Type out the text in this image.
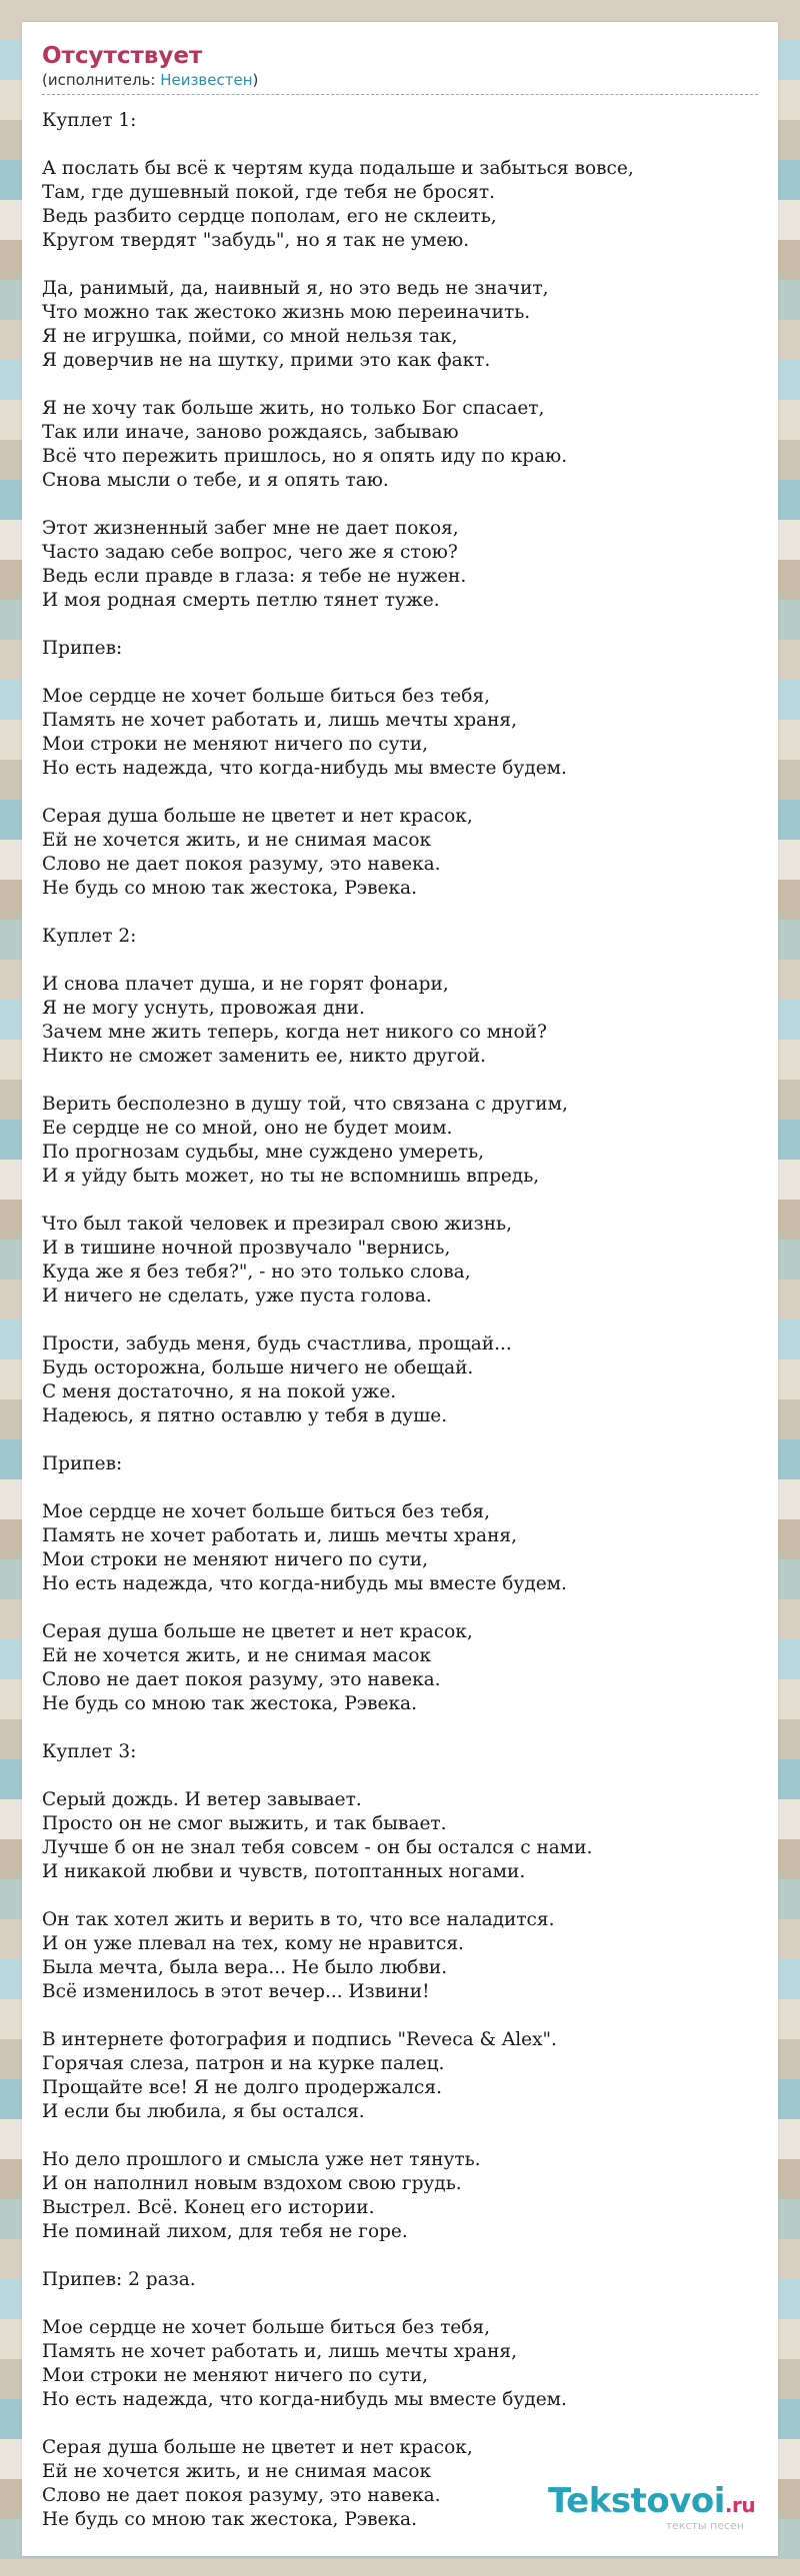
Отсутствует
(исполнитель: Неизвестен)
Куплет 1:
А послать бы всё к чертям куда подальше и забыться вовсе,
Там, где душевный покой, где тебя не бросят.
Ведь разбито сердце пополам, его не склеить,
Кругом твердят "забудь", но я так не умею.
Да, ранимый, да, наивный я, но это ведь не значит,
Что можно так жестоко жизнь мою переиначить.
Я не игрушка, пойми, со мной нельзя так,
Я доверчив не на шутку, прими это как факт.
Я не хочу так больше жить, но только Бог спасает,
Так или иначе, заново рождаясь, забываю
Всё что пережить пришлось, но я опять иду по краю.
Снова мысли о тебе, и я опять таю.
Этот жизненный забег мне не дает покоя,
Часто задаю себе вопрос, чего же я стою?
Ведь если правде в глаза: я тебе не нужен.
И моя родная смерть петлю тянет туже.
Припев:
Мое сердце не хочет больше биться без тебя,
Память не хочет работать и, лишь мечты храня,
Мои строки не меняют ничего по сути,
Но есть надежда, что когда-нибудь мы вместе будем.
Серая душа больше не цветет и нет красок,
Ей не хочется жить, и не снимая масок
Слово не дает покоя разуму, это навека.
Не будь со мною так жестока, Рэвека.
Куплет 2:
И снова плачет душа, и не горят фонари,
Я не могу уснуть, провожая дни.
Зачем мне жить теперь, когда нет никого со мной?
Никто не сможет заменить ее, никто другой.
Верить бесполезно в душу той, что связана с другим,
Ее сердце не со мной, оно не будет моим.
По прогнозам судьбы, мне суждено умереть,
И я уйду быть может, но ты не вспомнишь впредь,
Что был такой человек и презирал свою жизнь,
И в тишине ночной прозвучало "вернись,
Куда же я без тебя?", - но это только слова,
И ничего не сделать, уже пуста голова.
Прости, забудь меня, будь счастлива, прощай...
Будь осторожна, больше ничего не обещай.
С меня достаточно, я на покой уже.
Надеюсь, я пятно оставлю у тебя в душе.
Припев:
Мое сердце не хочет больше биться без тебя,
Память не хочет работать и, лишь мечты храня,
Мои строки не меняют ничего по сути,
Но есть надежда, что когда-нибудь мы вместе будем.
Серая душа больше не цветет и нет красок,
Ей не хочется жить, и не снимая масок
Слово не дает покоя разуму, это навека.
Не будь со мною так жестока, Рэвека.
Куплет 3:
Серый дождь. И ветер завывает.
Просто он не смог выжить, и так бывает.
Лучше б он не знал тебя совсем - он бы остался с нами.
И никакой любви и чувств, потоптанных ногами.
Он так хотел жить и верить в то, что все наладится.
И он уже плевал на тех, кому не нравится.
Была мечта, была вера... Не было любви.
Всё изменилось в этот вечер... Извини!
В интернете фотография и подпись "Reveca & Alex".
Горячая слеза, патрон и на курке палец.
Прощайте все! Я не долго продержался.
И если бы любила, я бы остался.
Но дело прошлого и смысла уже нет тянуть.
И он наполнил новым вздохом свою грудь.
Выстрел. Всё. Конец его истории.
Не поминай лихом, для тебя не горе.
Припев: 2 раза.
Мое сердце не хочет больше биться без тебя,
Память не хочет работать и, лишь мечты храня,
Мои строки не меняют ничего по сути,
Но есть надежда, что когда-нибудь мы вместе будем.
Серая душа больше не цветет и нет красок,
Ей не хочется жить, и не снимая масок
Слово не дает покоя разуму, это навека.
Не будь со мною так жестока, Рэвека.	Tekstovoi.ru
тексты песен
